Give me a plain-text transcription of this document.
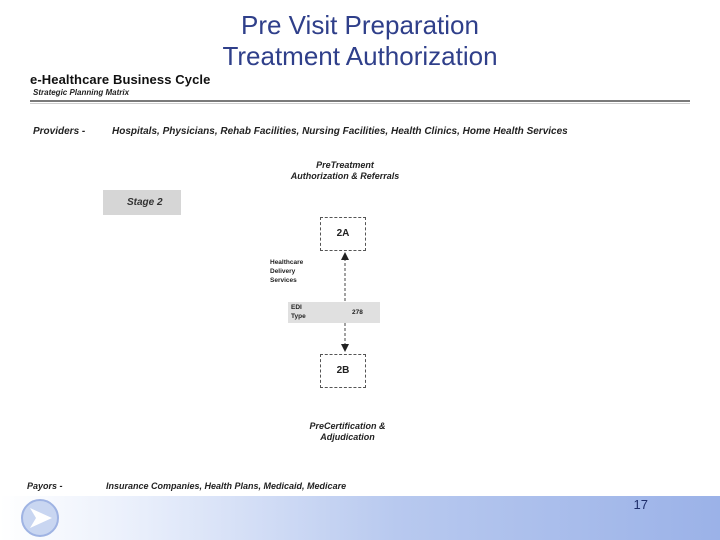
Pre Visit Preparation
Treatment Authorization
e-Healthcare Business Cycle
Strategic Planning Matrix
Providers -	Hospitals, Physicians, Rehab Facilities, Nursing Facilities, Health Clinics, Home Health Services
PreTreatment
Authorization & Referrals
Stage 2
2A
Healthcare
Delivery
Services
EDI
Type
278
2B
PreCertification &
Adjudication
Payors -	Insurance Companies, Health Plans, Medicaid, Medicare
17
